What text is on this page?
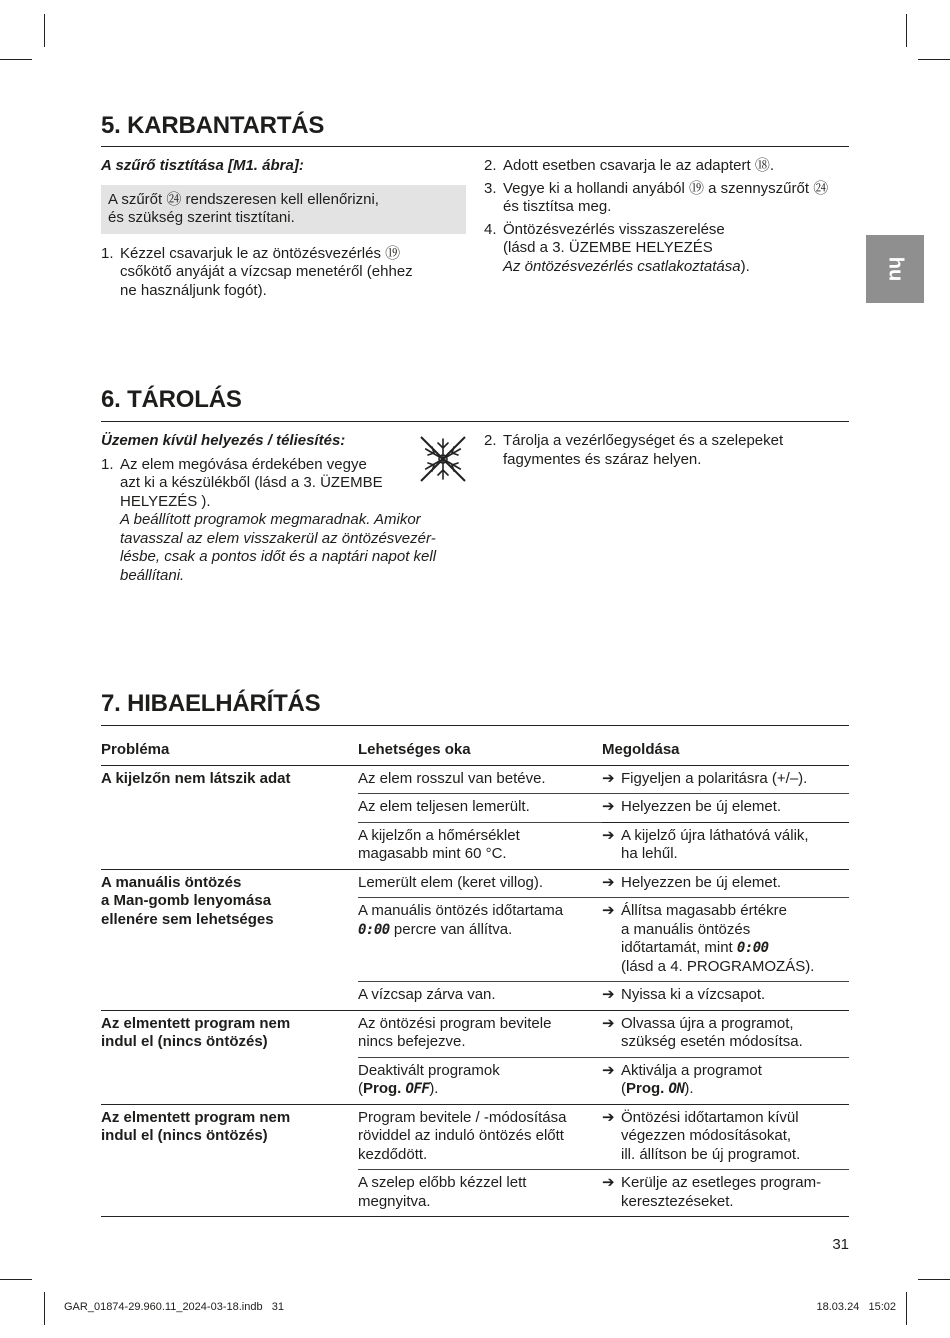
hu
5. KARBANTARTÁS
A szűrő tisztítása [M1. ábra]:
A szűrőt ㉔ rendszeresen kell ellenőrizni,
és szükség szerint tisztítani.
1. Kézzel csavarjuk le az öntözésvezérlés ⑲
csőkötő anyáját a vízcsap menetéről (ehhez
ne használjunk fogót).
2. Adott esetben csavarja le az adaptert ⑱.
3. Vegye ki a hollandi anyából ⑲ a szennyszűrőt ㉔
és tisztítsa meg.
4. Öntözésvezérlés visszaszerelése
(lásd a 3. ÜZEMBE HELYEZÉS
Az öntözésvezérlés csatlakoztatása).
6. TÁROLÁS
Üzemen kívül helyezés / téliesítés:
1. Az elem megóvása érdekében vegye
azt ki a készülékből (lásd a 3. ÜZEMBE
HELYEZÉS ).
A beállított programok megmaradnak. Amikor
tavasszal az elem visszakerül az öntözésvezér-
lésbe, csak a pontos időt és a naptári napot kell
beállítani.
2. Tárolja a vezérlőegységet és a szelepeket
fagymentes és száraz helyen.
7. HIBAELHÁRÍTÁS
Probléma	Lehetséges oka	Megoldása
A kijelzőn nem látszik adat	Az elem rosszul van betéve.	➔ Figyeljen a polaritásra (+/–).

	Az elem teljesen lemerült.	➔ Helyezzen be új elemet.

	A kijelzőn a hőmérséklet
magasabb mint 60 °C.	➔ A kijelző újra láthatóvá válik,
ha lehűl.

A manuális öntözés
a Man-gomb lenyomása
ellenére sem lehetséges	Lemerült elem (keret villog).	➔ Helyezzen be új elemet.

	A manuális öntözés időtartama
0:00 percre van állítva.	➔ Állítsa magasabb értékre
a manuális öntözés
időtartamát, mint 0:00
(lásd a 4. PROGRAMOZÁS).

	A vízcsap zárva van.	➔ Nyissa ki a vízcsapot.

Az elmentett program nem
indul el (nincs öntözés)	Az öntözési program bevitele
nincs befejezve.	➔ Olvassa újra a programot,
szükség esetén módosítsa.

	Deaktivált programok
(Prog. OFF).	➔ Aktiválja a programot
(Prog. ON).

Az elmentett program nem
indul el (nincs öntözés)	Program bevitele / -módosítása
röviddel az induló öntözés előtt
kezdődött.	➔ Öntözési időtartamon kívül
végezzen módosításokat,
ill. állítson be új programot.

	A szelep előbb kézzel lett
megnyitva.	➔ Kerülje az esetleges program-
keresztezéseket.
31
GAR_01874-29.960.11_2024-03-18.indb   31	18.03.24   15:02
